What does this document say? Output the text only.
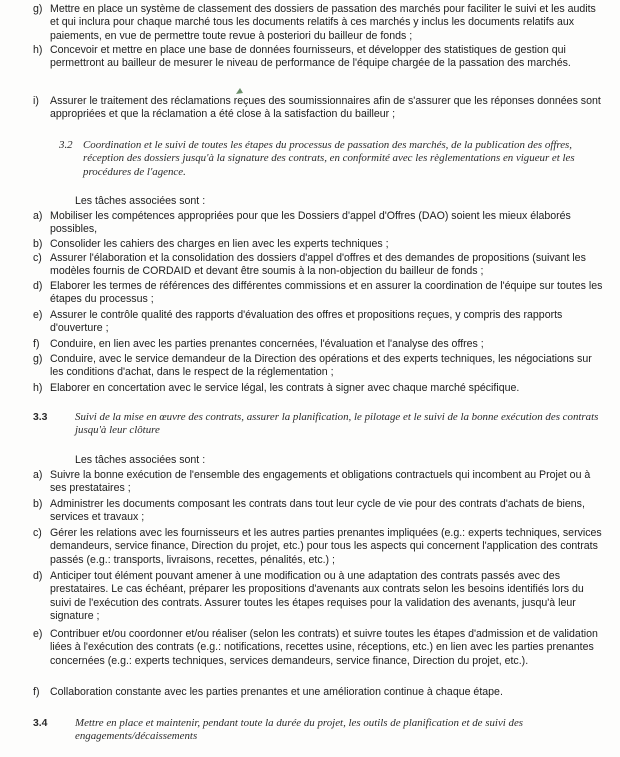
g) Mettre en place un système de classement des dossiers de passation des marchés pour faciliter le suivi et les audits et qui inclura pour chaque marché tous les documents relatifs à ces marchés y inclus les documents relatifs aux paiements, en vue de permettre toute revue à posteriori du bailleur de fonds ;
h) Concevoir et mettre en place une base de données fournisseurs, et développer des statistiques de gestion qui permettront au bailleur de mesurer le niveau de performance de l'équipe chargée de la passation des marchés.
i) Assurer le traitement des réclamations reçues des soumissionnaires afin de s'assurer que les réponses données sont appropriées et que la réclamation a été close à la satisfaction du bailleur ;
3.2 Coordination et le suivi de toutes les étapes du processus de passation des marchés, de la publication des offres, réception des dossiers jusqu'à la signature des contrats, en conformité avec les règlementations en vigueur et les procédures de l'agence.
Les tâches associées sont :
a) Mobiliser les compétences appropriées pour que les Dossiers d'appel d'Offres (DAO) soient les mieux élaborés possibles,
b) Consolider les cahiers des charges en lien avec les experts techniques ;
c) Assurer l'élaboration et la consolidation des dossiers d'appel d'offres et des demandes de propositions (suivant les modèles fournis de CORDAID et devant être soumis à la non-objection du bailleur de fonds ;
d) Elaborer les termes de références des différentes commissions et en assurer la coordination de l'équipe sur toutes les étapes du processus ;
e) Assurer le contrôle qualité des rapports d'évaluation des offres et propositions reçues, y compris des rapports d'ouverture ;
f) Conduire, en lien avec les parties prenantes concernées, l'évaluation et l'analyse des offres ;
g) Conduire, avec le service demandeur de la Direction des opérations et des experts techniques, les négociations sur les conditions d'achat, dans le respect de la réglementation ;
h) Elaborer en concertation avec le service légal, les contrats à signer avec chaque marché spécifique.
3.3	Suivi de la mise en œuvre des contrats, assurer la planification, le pilotage et le suivi de la bonne exécution des contrats jusqu'à leur clôture
Les tâches associées sont :
a) Suivre la bonne exécution de l'ensemble des engagements et obligations contractuels qui incombent au Projet ou à ses prestataires ;
b) Administrer les documents composant les contrats dans tout leur cycle de vie pour des contrats d'achats de biens, services et travaux ;
c) Gérer les relations avec les fournisseurs et les autres parties prenantes impliquées (e.g.: experts techniques, services demandeurs, service finance, Direction du projet, etc.) pour tous les aspects qui concernent l'application des contrats passés (e.g.: transports, livraisons, recettes, pénalités, etc.) ;
d) Anticiper tout élément pouvant amener à une modification ou à une adaptation des contrats passés avec des prestataires. Le cas échéant, préparer les propositions d'avenants aux contrats selon les besoins identifiés lors du suivi de l'exécution des contrats. Assurer toutes les étapes requises pour la validation des avenants, jusqu'à leur signature ;
e) Contribuer et/ou coordonner et/ou réaliser (selon les contrats) et suivre toutes les étapes d'admission et de validation liées à l'exécution des contrats (e.g.: notifications, recettes usine, réceptions, etc.) en lien avec les parties prenantes concernées (e.g.: experts techniques, services demandeurs, service finance, Direction du projet, etc.).
f) Collaboration constante avec les parties prenantes et une amélioration continue à chaque étape.
3.4	Mettre en place et maintenir, pendant toute la durée du projet, les outils de planification et de suivi des engagements/décaissements
